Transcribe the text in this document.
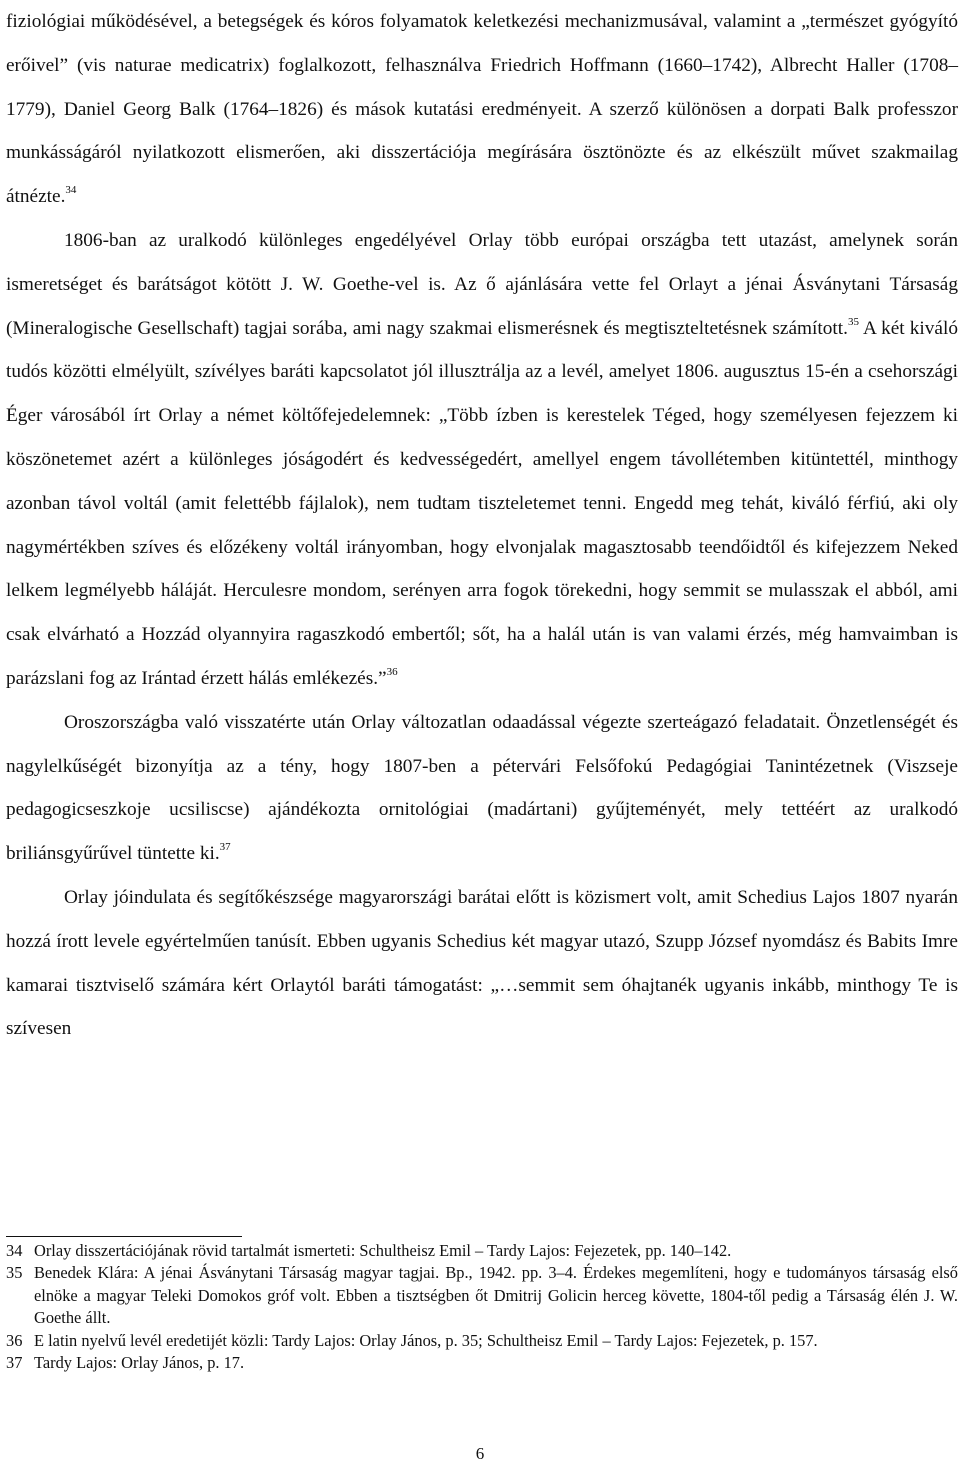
fiziológiai működésével, a betegségek és kóros folyamatok keletkezési mechanizmusával, valamint a „természet gyógyító erőivel” (vis naturae medicatrix) foglalkozott, felhasználva Friedrich Hoffmann (1660–1742), Albrecht Haller (1708–1779), Daniel Georg Balk (1764–1826) és mások kutatási eredményeit. A szerző különösen a dorpati Balk professzor munkásságáról nyilatkozott elismerően, aki disszertációja megírására ösztönözte és az elkészült művet szakmailag átnézte.$^{34}$

1806-ban az uralkodó különleges engedélyével Orlay több európai országba tett utazást, amelynek során ismeretséget és barátságot kötött J. W. Goethe-vel is. Az ő ajánlására vette fel Orlayt a jénai Ásványtani Társaság (Mineralogische Gesellschaft) tagjai sorába, ami nagy szakmai elismerésnek és megtiszteltetésnek számított.$^{35}$ A két kiváló tudós közötti elmélyült, szívélyes baráti kapcsolatot jól illusztrálja az a levél, amelyet 1806. augusztus 15-én a csehországi Éger városából írt Orlay a német költőfejedelemnek: „Több ízben is kerestelek Téged, hogy személyesen fejezzem ki köszönetemet azért a különleges jóságodért és kedvességedért, amellyel engem távollétemben kitüntettél, minthogy azonban távol voltál (amit felettébb fájlalok), nem tudtam tiszteletemet tenni. Engedd meg tehát, kiváló férfiú, aki oly nagymértékben szíves és előzékeny voltál irányomban, hogy elvonjalak magasztosabb teendőidtől és kifejezzem Neked lelkem legmélyebb háláját. Herculesre mondom, serényen arra fogok törekedni, hogy semmit se mulasszak el abból, ami csak elvárható a Hozzád olyannyira ragaszkodó embertől; sőt, ha a halál után is van valami érzés, még hamvaimban is parázslani fog az Irántad érzett hálás emlékezés.”$^{36}$

Oroszországba való visszatérte után Orlay változatlan odaadással végezte szerteágazó feladatait. Önzetlenségét és nagylelkűségét bizonyítja az a tény, hogy 1807-ben a pétervári Felsőfokú Pedagógiai Tanintézetnek (Viszseje pedagogicseszkoje ucsiliscse) ajándékozta ornitológiai (madártani) gyűjteményét, mely tettéért az uralkodó briliánsgyűrűvel tüntette ki.$^{37}$

Orlay jóindulata és segítőkészsége magyarországi barátai előtt is közismert volt, amit Schedius Lajos 1807 nyarán hozzá írott levele egyértelműen tanúsít. Ebben ugyanis Schedius két magyar utazó, Szupp József nyomdász és Babits Imre kamarai tisztviselő számára kért Orlaytól baráti támogatást: „…semmit sem óhajtanék ugyanis inkább, minthogy Te is szívesen

34 Orlay disszertációjának rövid tartalmát ismerteti: Schultheisz Emil – Tardy Lajos: Fejezetek, pp. 140–142.

35 Benedek Klára: A jénai Ásványtani Társaság magyar tagjai. Bp., 1942. pp. 3–4. Érdekes megemlíteni, hogy e tudományos társaság első elnöke a magyar Teleki Domokos gróf volt. Ebben a tisztségben őt Dmitrij Golicin herceg követte, 1804-től pedig a Társaság élén J. W. Goethe állt.

36 E latin nyelvű levél eredetijét közli: Tardy Lajos: Orlay János, p. 35; Schultheisz Emil – Tardy Lajos: Fejezetek, p. 157.

37 Tardy Lajos: Orlay János, p. 17.

6
